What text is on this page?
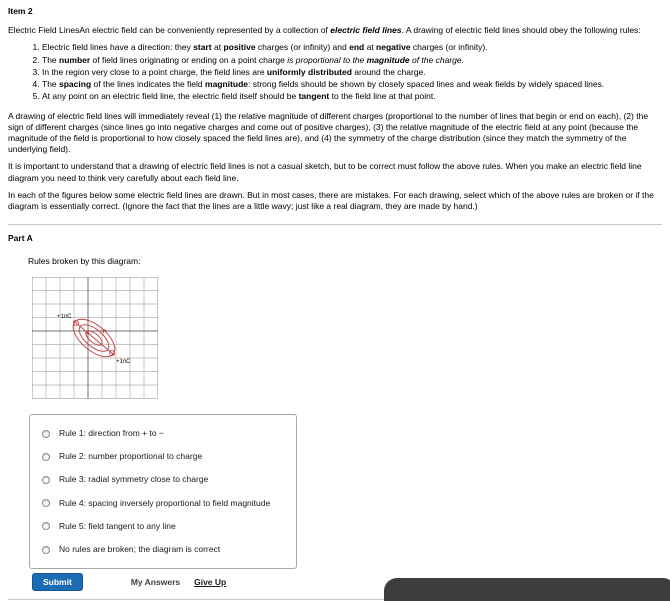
Item 2

Electric Field LinesAn electric field can be conveniently represented by a collection of electric field lines. A drawing of electric field lines should obey the following rules:

1. Electric field lines have a direction: they start at positive charges (or infinity) and end at negative charges (or infinity).
2. The number of field lines originating or ending on a point charge is proportional to the magnitude of the charge.
3. In the region very close to a point charge, the field lines are uniformly distributed around the charge.
4. The spacing of the lines indicates the field magnitude: strong fields should be shown by closely spaced lines and weak fields by widely spaced lines.
5. At any point on an electric field line, the electric field itself should be tangent to the field line at that point.

A drawing of electric field lines will immediately reveal (1) the relative magnitude of different charges (proportional to the number of lines that begin or end on each), (2) the sign of different charges (since lines go into negative charges and come out of positive charges), (3) the relative magnitude of the electric field at any point (because the magnitude of the field is proportional to how closely spaced the field lines are), and (4) the symmetry of the charge distribution (since they match the symmetry of the underlying field).

It is important to understand that a drawing of electric field lines is not a casual sketch, but to be correct must follow the above rules. When you make an electric field line diagram you need to think very carefully about each field line.

In each of the figures below some electric field lines are drawn. But in most cases, there are mistakes. For each drawing, select which of the above rules are broken or if the diagram is essentially correct. (Ignore the fact that the lines are a little wavy; just like a real diagram, they are made by hand.)

Part A
Rules broken by this diagram:
+1nC
+1nC
Rule 1: direction from + to −
Rule 2: number proportional to charge
Rule 3: radial symmetry close to charge
Rule 4: spacing inversely proportional to field magnitude
Rule 5: field tangent to any line
No rules are broken; the diagram is correct
Submit	My Answers Give Up
